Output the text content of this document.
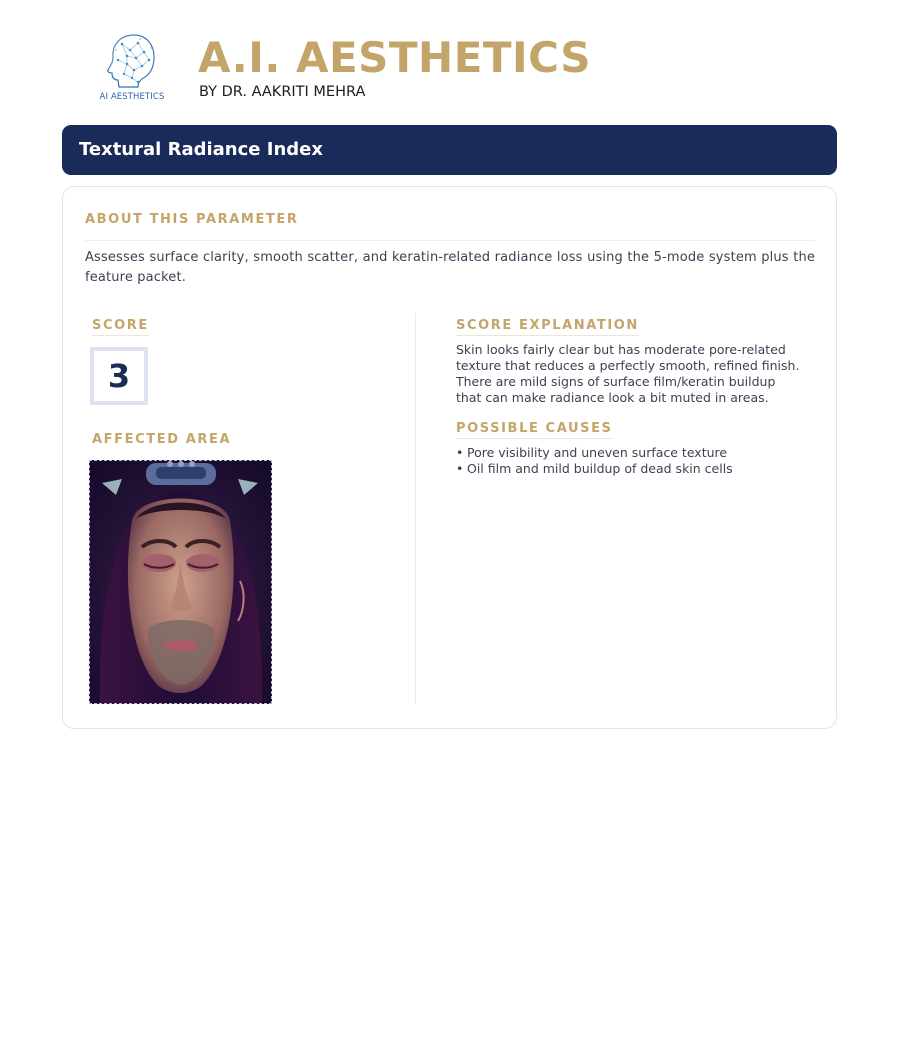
AI AESTHETICS
A.I. AESTHETICS
BY DR. AAKRITI MEHRA
Textural Radiance Index
ABOUT THIS PARAMETER

Assesses surface clarity, smooth scatter, and keratin-related radiance loss using the 5-mode system plus the feature packet.

SCORE
3
AFFECTED AREA
SCORE EXPLANATION

Skin looks fairly clear but has moderate pore-related texture that reduces a perfectly smooth, refined finish. There are mild signs of surface film/keratin buildup that can make radiance look a bit muted in areas.

POSSIBLE CAUSES
• Pore visibility and uneven surface texture
• Oil film and mild buildup of dead skin cells
